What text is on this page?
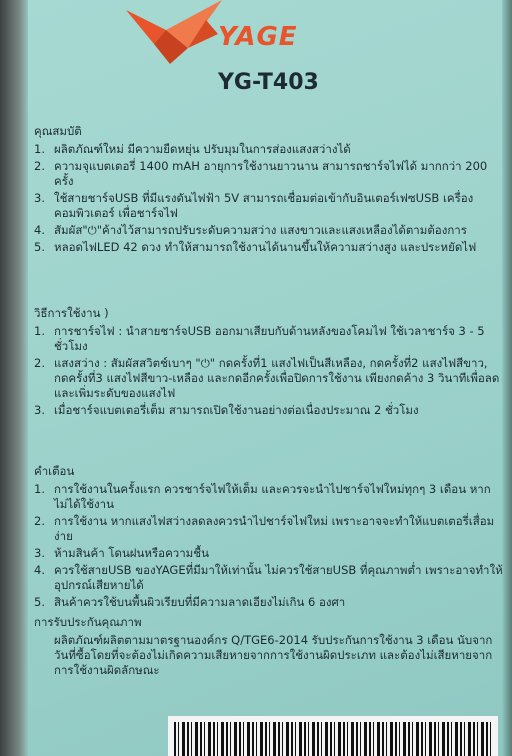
YAGE
YG-T403
คุณสมบัติ
1. ผลิตภัณฑ์ใหม่ มีความยืดหยุ่น ปรับมุมในการส่องแสงสว่างได้
2. ความจุแบตเตอรี่ 1400 mAH อายุการใช้งานยาวนาน สามารถชาร์จไฟได้ มากกว่า 200 ครั้ง
3. ใช้สายชาร์จUSB ที่มีแรงดันไฟฟ้า 5V สามารถเชื่อมต่อเข้ากับอินเตอร์เฟซUSB เครื่องคอมพิวเตอร์ เพื่อชาร์จไฟ
4. สัมผัส"⏻"ค้างไว้สามารถปรับระดับความสว่าง แสงขาวและแสงเหลืองได้ตามต้องการ
5. หลอดไฟLED 42 ดวง ทำให้สามารถใช้งานได้นานขึ้นให้ความสว่างสูง และประหยัดไฟ
วิธีการใช้งาน )
1. การชาร์จไฟ : นำสายชาร์จUSB ออกมาเสียบกับด้านหลังของโคมไฟ ใช้เวลาชาร์จ 3 - 5 ชั่วโมง
2. แสงสว่าง : สัมผัสสวิตช์เบาๆ "⏻" กดครั้งที่1 แสงไฟเป็นสีเหลือง, กดครั้งที่2 แสงไฟสีขาว, กดครั้งที่3 แสงไฟสีขาว-เหลือง และกดอีกครั้งเพื่อปิดการใช้งาน เพียงกดค้าง 3 วินาทีเพื่อลดและเพิ่มระดับของแสงไฟ
3. เมื่อชาร์จแบตเตอรี่เต็ม สามารถเปิดใช้งานอย่างต่อเนื่องประมาณ 2 ชั่วโมง
คำเตือน
1. การใช้งานในครั้งแรก ควรชาร์จไฟให้เต็ม และควรจะนำไปชาร์จไฟใหม่ทุกๆ 3 เดือน หากไม่ได้ใช้งาน
2. การใช้งาน หากแสงไฟสว่างลดลงควรนำไปชาร์จไฟใหม่ เพราะอาจจะทำให้แบตเตอรี่เสื่อมง่าย
3. ห้ามสินค้า โดนฝนหรือความชื้น
4. ควรใช้สายUSB ของYAGEที่มีมาให้เท่านั้น ไม่ควรใช้สายUSB ที่คุณภาพต่ำ เพราะอาจทำให้อุปกรณ์เสียหายได้
5. สินค้าควรใช้บนพื้นผิวเรียบที่มีความลาดเอียงไม่เกิน 6 องศา
การรับประกันคุณภาพ
ผลิตภัณฑ์ผลิตตามมาตรฐานองค์กร Q/TGE6-2014 รับประกันการใช้งาน 3 เดือน นับจากวันที่ซื้อโดยที่จะต้องไม่เกิดความเสียหายจากการใช้งานผิดประเภท และต้องไม่เสียหายจากการใช้งานผิดลักษณะ
